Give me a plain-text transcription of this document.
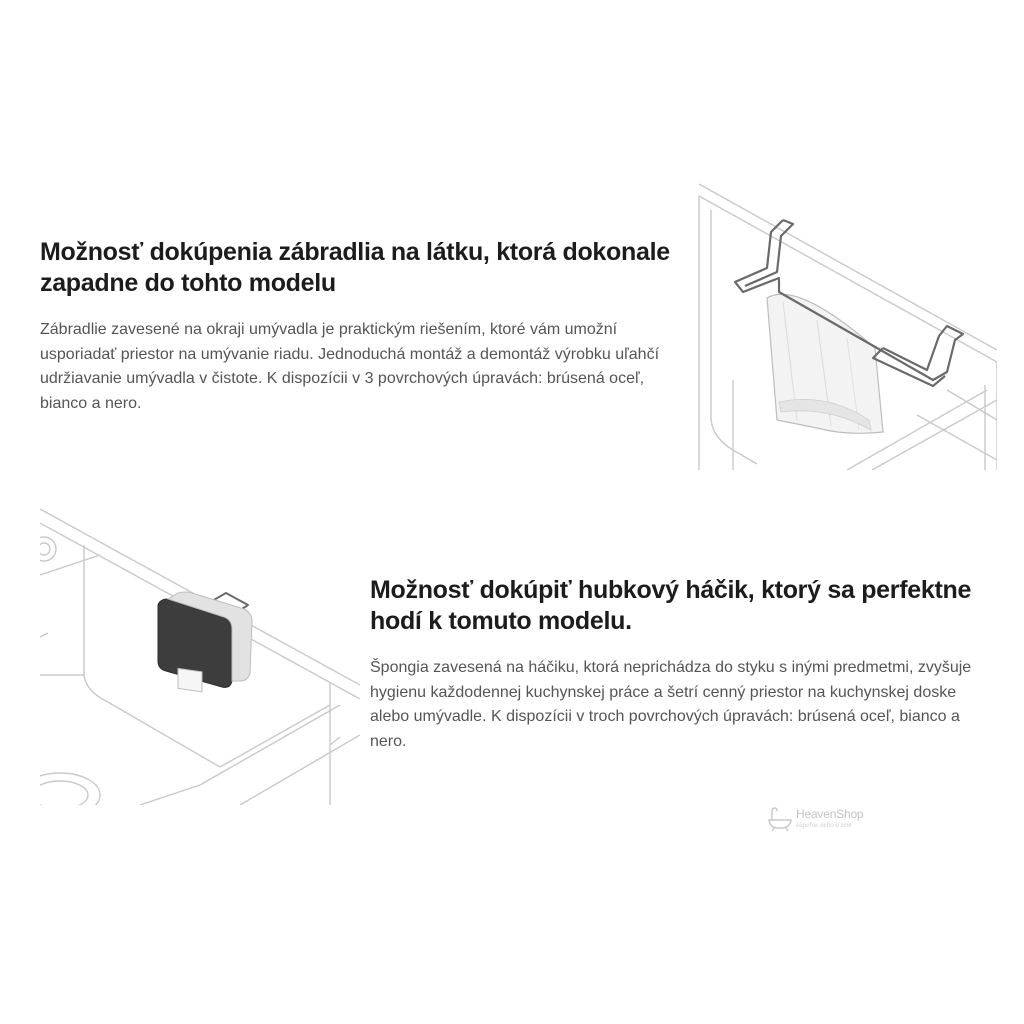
Možnosť dokúpenia zábradlia na látku, ktorá dokonale zapadne do tohto modelu

Zábradlie zavesené na okraji umývadla je praktickým riešením, ktoré vám umožní usporiadať priestor na umývanie riadu. Jednoduchá montáž a demontáž výrobku uľahčí udržiavanie umývadla v čistote. K dispozícii v 3 povrchových úpravách: brúsená oceľ, bianco a nero.

Možnosť dokúpiť hubkový háčik, ktorý sa perfektne hodí k tomuto modelu.

Špongia zavesená na háčiku, ktorá neprichádza do styku s inými predmetmi, zvyšuje hygienu každodennej kuchynskej práce a šetrí cenný priestor na kuchynskej doske alebo umývadle. K dispozícii v troch povrchových úpravách: brúsená oceľ, bianco a nero.

HeavenShop
kúpeľne nebo a zem
